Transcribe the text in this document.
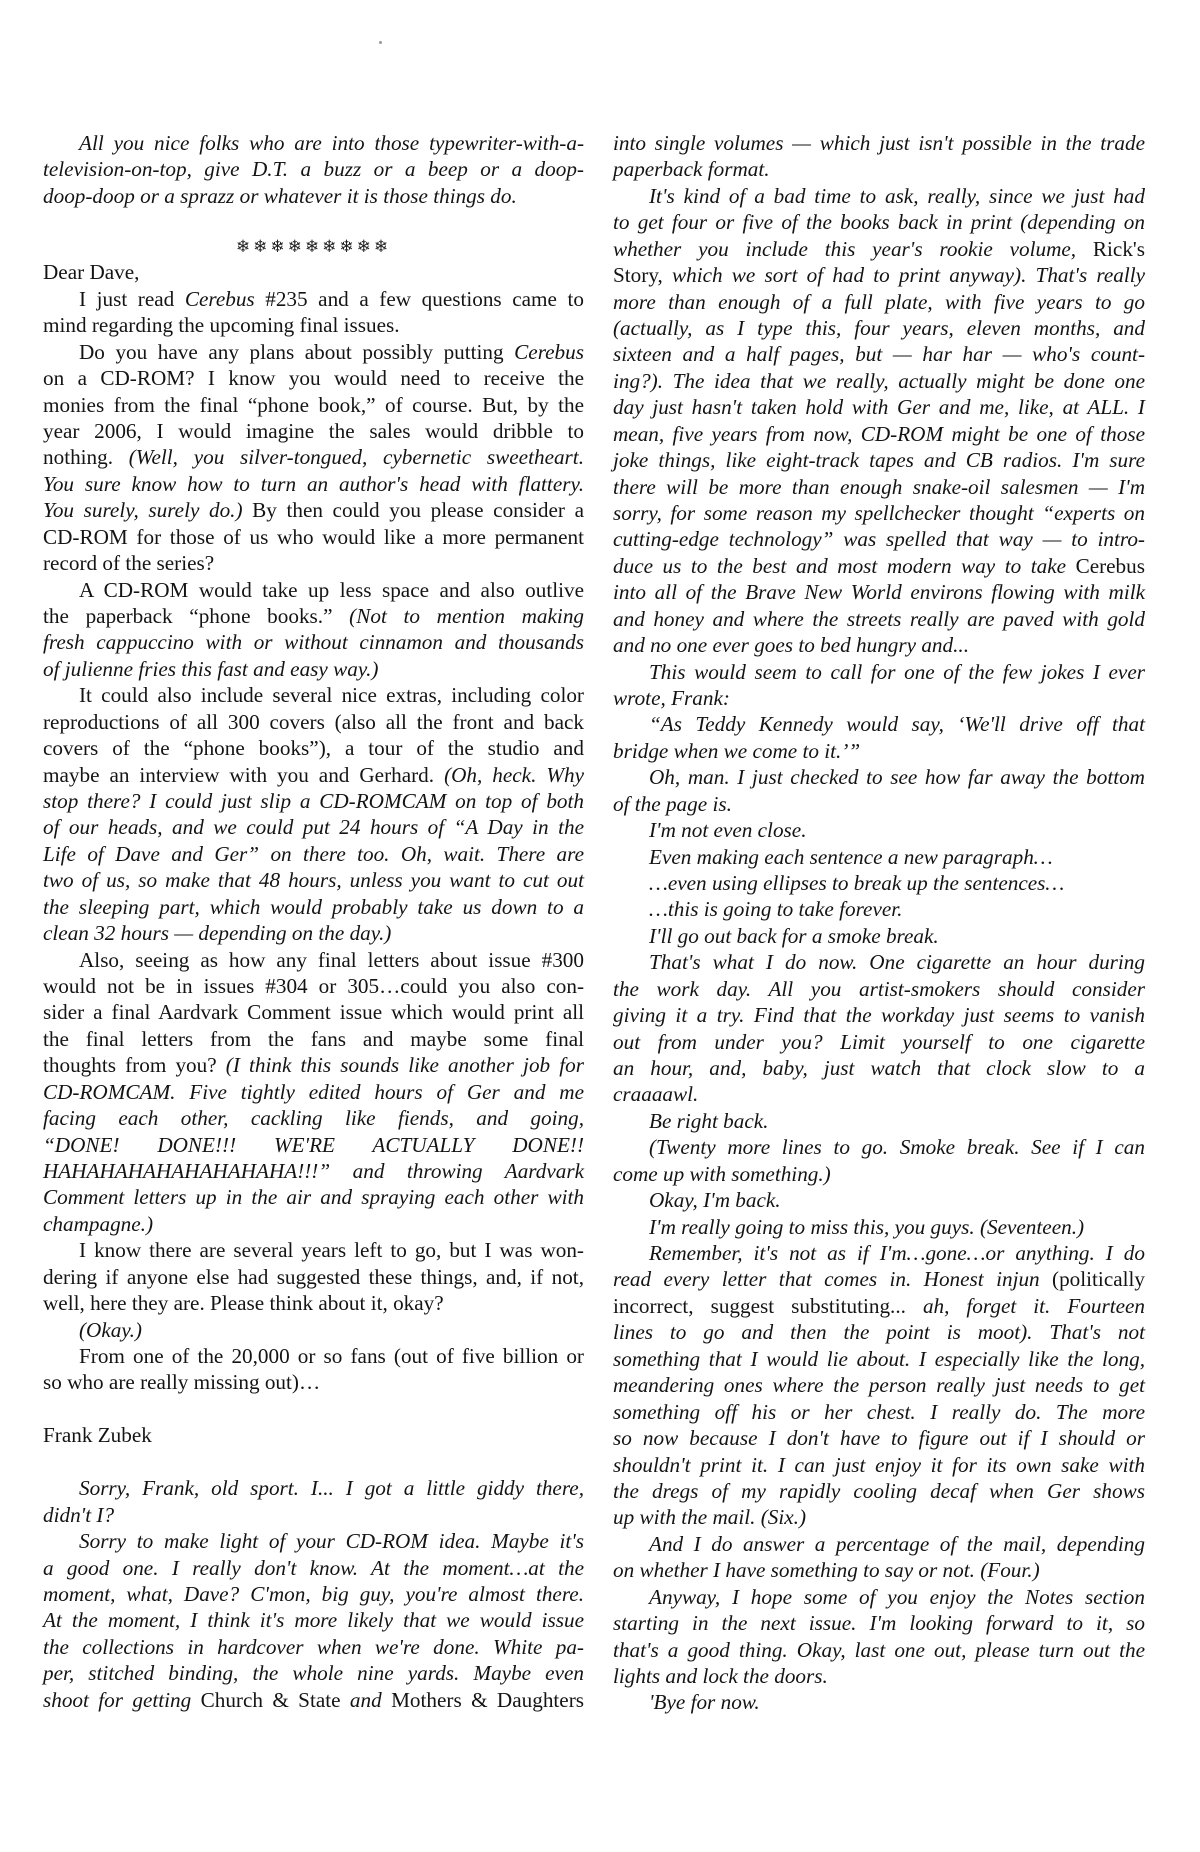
All you nice folks who are into those typewriter-with-a-
television-on-top, give D.T. a buzz or a beep or a doop-
doop-doop or a sprazz or whatever it is those things do.
❄❄❄❄❄❄❄❄❄
Dear Dave,
I just read Cerebus #235 and a few questions came to
mind regarding the upcoming final issues.
Do you have any plans about possibly putting Cerebus
on a CD-ROM? I know you would need to receive the
monies from the final “phone book,” of course. But, by the
year 2006, I would imagine the sales would dribble to
nothing. (Well, you silver-tongued, cybernetic sweetheart.
You sure know how to turn an author's head with flattery.
You surely, surely do.) By then could you please consider a
CD-ROM for those of us who would like a more permanent
record of the series?
A CD-ROM would take up less space and also outlive
the paperback “phone books.” (Not to mention making
fresh cappuccino with or without cinnamon and thousands
of julienne fries this fast and easy way.)
It could also include several nice extras, including color
reproductions of all 300 covers (also all the front and back
covers of the “phone books”), a tour of the studio and
maybe an interview with you and Gerhard. (Oh, heck. Why
stop there? I could just slip a CD-ROMCAM on top of both
of our heads, and we could put 24 hours of “A Day in the
Life of Dave and Ger” on there too. Oh, wait. There are
two of us, so make that 48 hours, unless you want to cut out
the sleeping part, which would probably take us down to a
clean 32 hours — depending on the day.)
Also, seeing as how any final letters about issue #300
would not be in issues #304 or 305…could you also con-
sider a final Aardvark Comment issue which would print all
the final letters from the fans and maybe some final
thoughts from you? (I think this sounds like another job for
CD-ROMCAM. Five tightly edited hours of Ger and me
facing each other, cackling like fiends, and going,
“DONE! DONE!!! WE'RE ACTUALLY DONE!!
HAHAHAHAHAHAHAHAHA!!!” and throwing Aardvark
Comment letters up in the air and spraying each other with
champagne.)
I know there are several years left to go, but I was won-
dering if anyone else had suggested these things, and, if not,
well, here they are. Please think about it, okay?
(Okay.)
From one of the 20,000 or so fans (out of five billion or
so who are really missing out)…
Frank Zubek
Sorry, Frank, old sport. I... I got a little giddy there,
didn't I?
Sorry to make light of your CD-ROM idea. Maybe it's
a good one. I really don't know. At the moment…at the
moment, what, Dave? C'mon, big guy, you're almost there.
At the moment, I think it's more likely that we would issue
the collections in hardcover when we're done. White pa-
per, stitched binding, the whole nine yards. Maybe even
shoot for getting Church & State and Mothers & Daughters
into single volumes — which just isn't possible in the trade
paperback format.
It's kind of a bad time to ask, really, since we just had
to get four or five of the books back in print (depending on
whether you include this year's rookie volume, Rick's
Story, which we sort of had to print anyway). That's really
more than enough of a full plate, with five years to go
(actually, as I type this, four years, eleven months, and
sixteen and a half pages, but — har har — who's count-
ing?). The idea that we really, actually might be done one
day just hasn't taken hold with Ger and me, like, at ALL. I
mean, five years from now, CD-ROM might be one of those
joke things, like eight-track tapes and CB radios. I'm sure
there will be more than enough snake-oil salesmen — I'm
sorry, for some reason my spellchecker thought “experts on
cutting-edge technology” was spelled that way — to intro-
duce us to the best and most modern way to take Cerebus
into all of the Brave New World environs flowing with milk
and honey and where the streets really are paved with gold
and no one ever goes to bed hungry and...
This would seem to call for one of the few jokes I ever
wrote, Frank:
“As Teddy Kennedy would say, ‘We'll drive off that
bridge when we come to it.’”
Oh, man. I just checked to see how far away the bottom
of the page is.
I'm not even close.
Even making each sentence a new paragraph…
…even using ellipses to break up the sentences…
…this is going to take forever.
I'll go out back for a smoke break.
That's what I do now. One cigarette an hour during
the work day. All you artist-smokers should consider
giving it a try. Find that the workday just seems to vanish
out from under you? Limit yourself to one cigarette
an hour, and, baby, just watch that clock slow to a
craaaawl.
Be right back.
(Twenty more lines to go. Smoke break. See if I can
come up with something.)
Okay, I'm back.
I'm really going to miss this, you guys. (Seventeen.)
Remember, it's not as if I'm…gone…or anything. I do
read every letter that comes in. Honest injun (politically
incorrect, suggest substituting... ah, forget it. Fourteen
lines to go and then the point is moot). That's not
something that I would lie about. I especially like the long,
meandering ones where the person really just needs to get
something off his or her chest. I really do. The more
so now because I don't have to figure out if I should or
shouldn't print it. I can just enjoy it for its own sake with
the dregs of my rapidly cooling decaf when Ger shows
up with the mail. (Six.)
And I do answer a percentage of the mail, depending
on whether I have something to say or not. (Four.)
Anyway, I hope some of you enjoy the Notes section
starting in the next issue. I'm looking forward to it, so
that's a good thing. Okay, last one out, please turn out the
lights and lock the doors.
'Bye for now.
